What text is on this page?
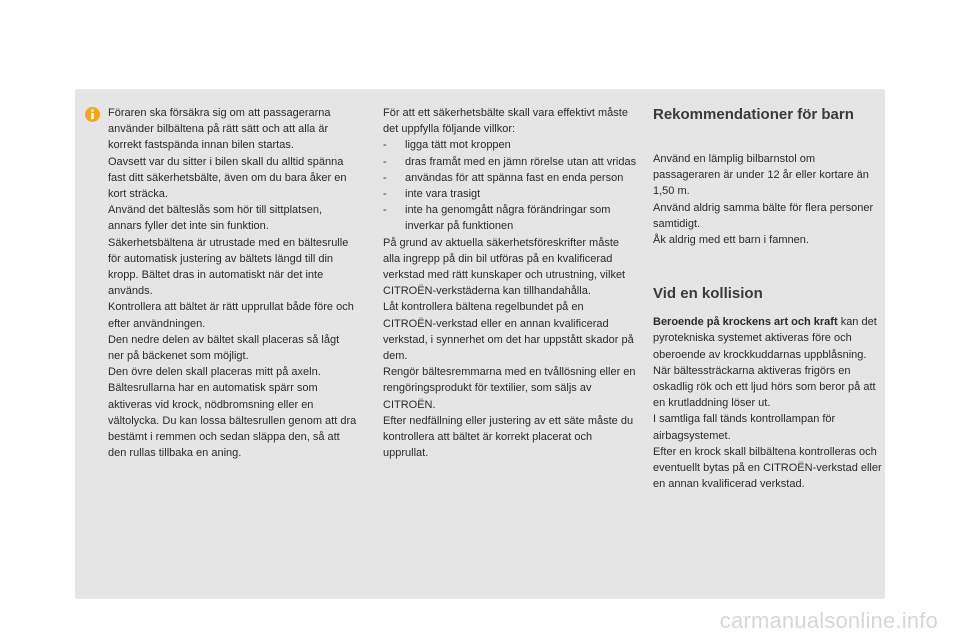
Föraren ska försäkra sig om att passagerarna använder bilbältena på rätt sätt och att alla är korrekt fastspända innan bilen startas.

Oavsett var du sitter i bilen skall du alltid spänna fast ditt säkerhetsbälte, även om du bara åker en kort sträcka.

Använd det bälteslås som hör till sittplatsen, annars fyller det inte sin funktion.

Säkerhetsbältena är utrustade med en bältesrulle för automatisk justering av bältets längd till din kropp. Bältet dras in automatiskt när det inte används.

Kontrollera att bältet är rätt upprullat både före och efter användningen.

Den nedre delen av bältet skall placeras så lågt ner på bäckenet som möjligt.

Den övre delen skall placeras mitt på axeln.

Bältesrullarna har en automatisk spärr som aktiveras vid krock, nödbromsning eller en vältolycka. Du kan lossa bältesrullen genom att dra bestämt i remmen och sedan släppa den, så att den rullas tillbaka en aning.

För att ett säkerhetsbälte skall vara effektivt måste det uppfylla följande villkor:

- ligga tätt mot kroppen
- dras framåt med en jämn rörelse utan att vridas
- användas för att spänna fast en enda person
- inte vara trasigt
- inte ha genomgått några förändringar som inverkar på funktionen

På grund av aktuella säkerhetsföreskrifter måste alla ingrepp på din bil utföras på en kvalificerad verkstad med rätt kunskaper och utrustning, vilket CITROËN-verkstäderna kan tillhandahålla.

Låt kontrollera bältena regelbundet på en CITROËN-verkstad eller en annan kvalificerad verkstad, i synnerhet om det har uppstått skador på dem.

Rengör bältesremmarna med en tvållösning eller en rengöringsprodukt för textilier, som säljs av CITROËN.

Efter nedfällning eller justering av ett säte måste du kontrollera att bältet är korrekt placerat och upprullat.

Rekommendationer för barn

Använd en lämplig bilbarnstol om passageraren är under 12 år eller kortare än 1,50 m.

Använd aldrig samma bälte för flera personer samtidigt.

Åk aldrig med ett barn i famnen.

Vid en kollision

Beroende på krockens art och kraft kan det pyrotekniska systemet aktiveras före och oberoende av krockkuddarnas uppblåsning. När bältessträckarna aktiveras frigörs en oskadlig rök och ett ljud hörs som beror på att en krutladdning löser ut.

I samtliga fall tänds kontrollampan för airbagsystemet.

Efter en krock skall bilbältena kontrolleras och eventuellt bytas på en CITROËN-verkstad eller en annan kvalificerad verkstad.

carmanualsonline.info
